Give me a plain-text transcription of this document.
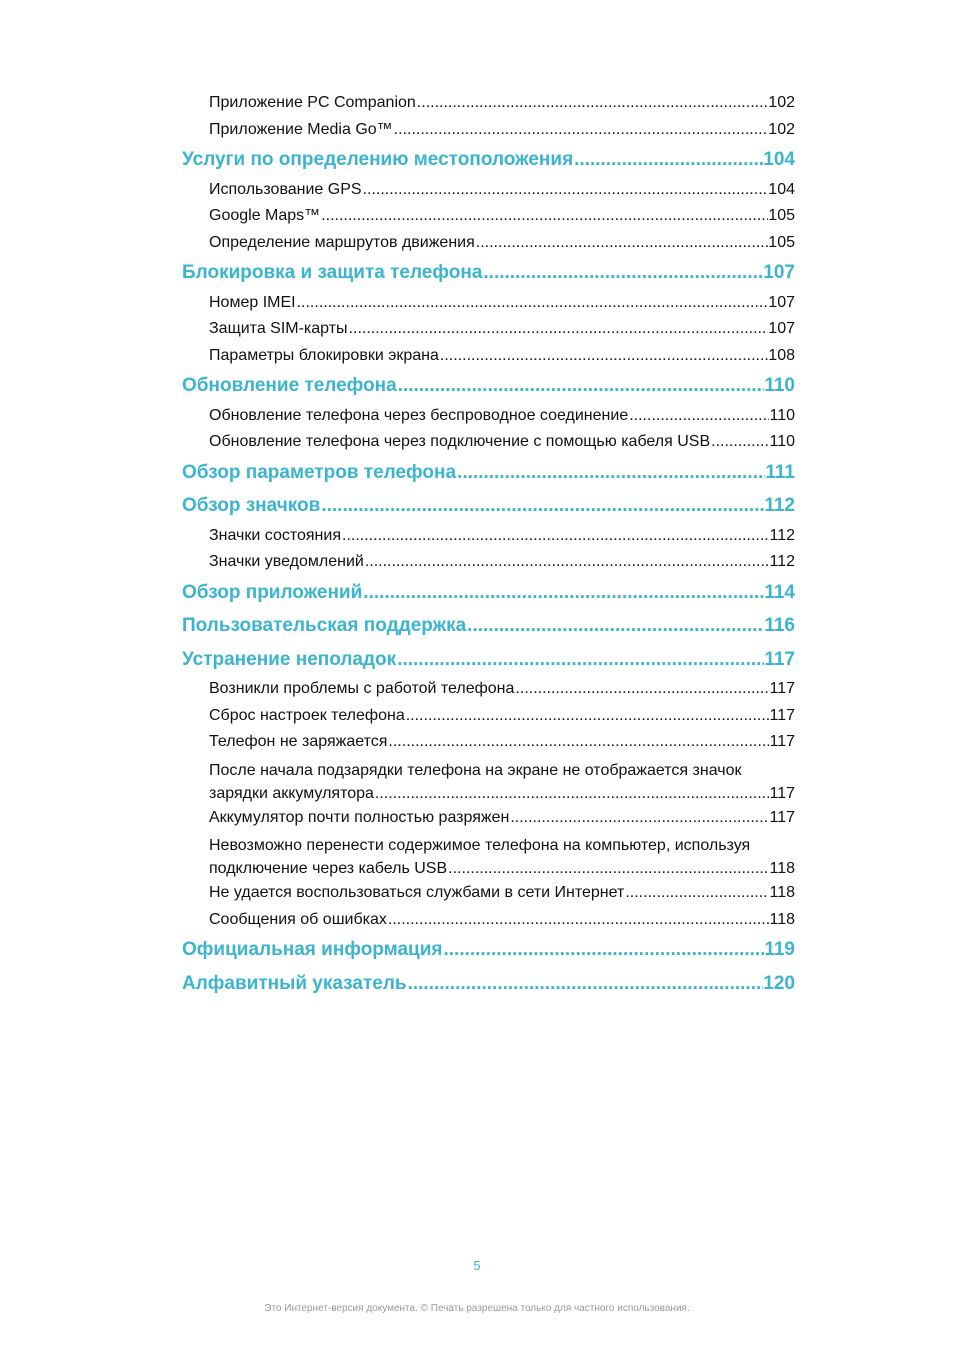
Приложение PC Companion .....	102
Приложение Media Go™ .....	102
Услуги по определению местоположения .....	104
Использование GPS .....	104
Google Maps™ .....	105
Определение маршрутов движения .....	105
Блокировка и защита телефона .....	107
Номер IMEI .....	107
Защита SIM-карты .....	107
Параметры блокировки экрана .....	108
Обновление телефона .....	110
Обновление телефона через беспроводное соединение .....	110
Обновление телефона через подключение с помощью кабеля USB .....	110
Обзор параметров телефона .....	111
Обзор значков .....	112
Значки состояния .....	112
Значки уведомлений .....	112
Обзор приложений .....	114
Пользовательская поддержка .....	116
Устранение неполадок .....	117
Возникли проблемы с работой телефона .....	117
Сброс настроек телефона .....	117
Телефон не заряжается .....	117
После начала подзарядки телефона на экране не отображается значок
зарядки аккумулятора .....	117
Аккумулятор почти полностью разряжен .....	117
Невозможно перенести содержимое телефона на компьютер, используя
подключение через кабель USB .....	118
Не удается воспользоваться службами в сети Интернет .....	118
Сообщения об ошибках .....	118
Официальная информация .....	119
Алфавитный указатель .....	120
5
Это Интернет-версия документа. © Печать разрешена только для частного использования.
